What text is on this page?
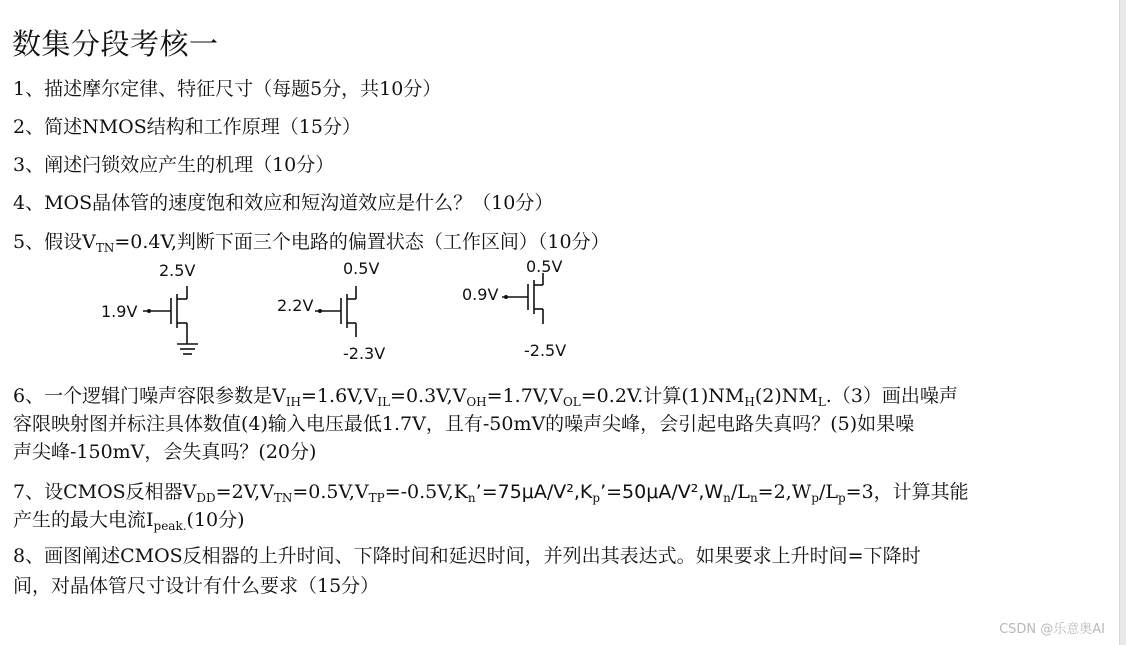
数集分段考核一
1、描述摩尔定律、特征尺寸（每题5分，共10分）
2、简述NMOS结构和工作原理（15分）
3、阐述闩锁效应产生的机理（10分）
4、MOS晶体管的速度饱和效应和短沟道效应是什么？（10分）
5、假设$V_{TN}=0.4V$,判断下面三个电路的偏置状态（工作区间）（10分）
2.5V
1.9V
0.5V
2.2V
-2.3V
0.5V
0.9V
-2.5V
6、一个逻辑门噪声容限参数是$V_{IH}=1.6V,V_{IL}=0.3V,V_{OH}=1.7V,V_{OL}=0.2V$.计算$(1)NM_H(2)NM_L.(3)$画出噪声
容限映射图并标注具体数值(4)输入电压最低1.7V，且有-50mV的噪声尖峰，会引起电路失真吗？(5)如果噪
声尖峰-150mV，会失真吗？(20分)
7、设CMOS反相器$V_{DD}=2V,V_{TN}=0.5V,V_{TP}=-0.5V,K_n’=75\mu A/V^2,K_p’=50\mu A/V^2,W_n/L_n=2,W_p/L_p=3$，计算其能
产生的最大电流$I_{peak.}(10$分)
8、画图阐述CMOS反相器的上升时间、下降时间和延迟时间，并列出其表达式。如果要求上升时间=下降时
间，对晶体管尺寸设计有什么要求（15分）
CSDN @乐意奥AI
